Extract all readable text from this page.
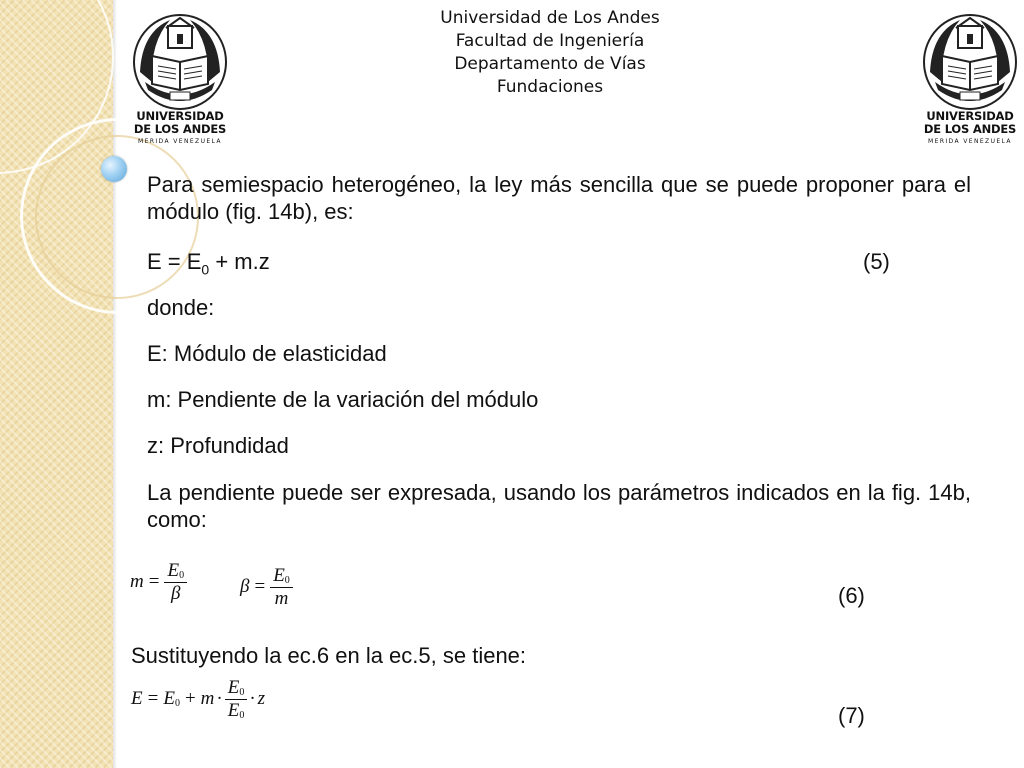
UNIVERSIDAD
DE LOS ANDES
MERIDA VENEZUELA
UNIVERSIDAD
DE LOS ANDES
MERIDA VENEZUELA
Universidad de Los Andes
Facultad de Ingeniería
Departamento de Vías
Fundaciones
Para semiespacio heterogéneo, la ley más sencilla que se puede proponer para el módulo (fig. 14b), es:
$E = E_0 + m.z$	(5)
donde:
E: Módulo de elasticidad
m: Pendiente de la variación del módulo
z: Profundidad
La pendiente puede ser expresada, usando los parámetros indicados en la fig. 14b, como:
$m = \frac{E0}{\beta}$	$\beta = \frac{E0}{m}$	(6)
Sustituyendo la ec.6 en la ec.5, se tiene:
$E = E0 + m \cdot \frac{E0}{E0} \cdot z$
(7)
